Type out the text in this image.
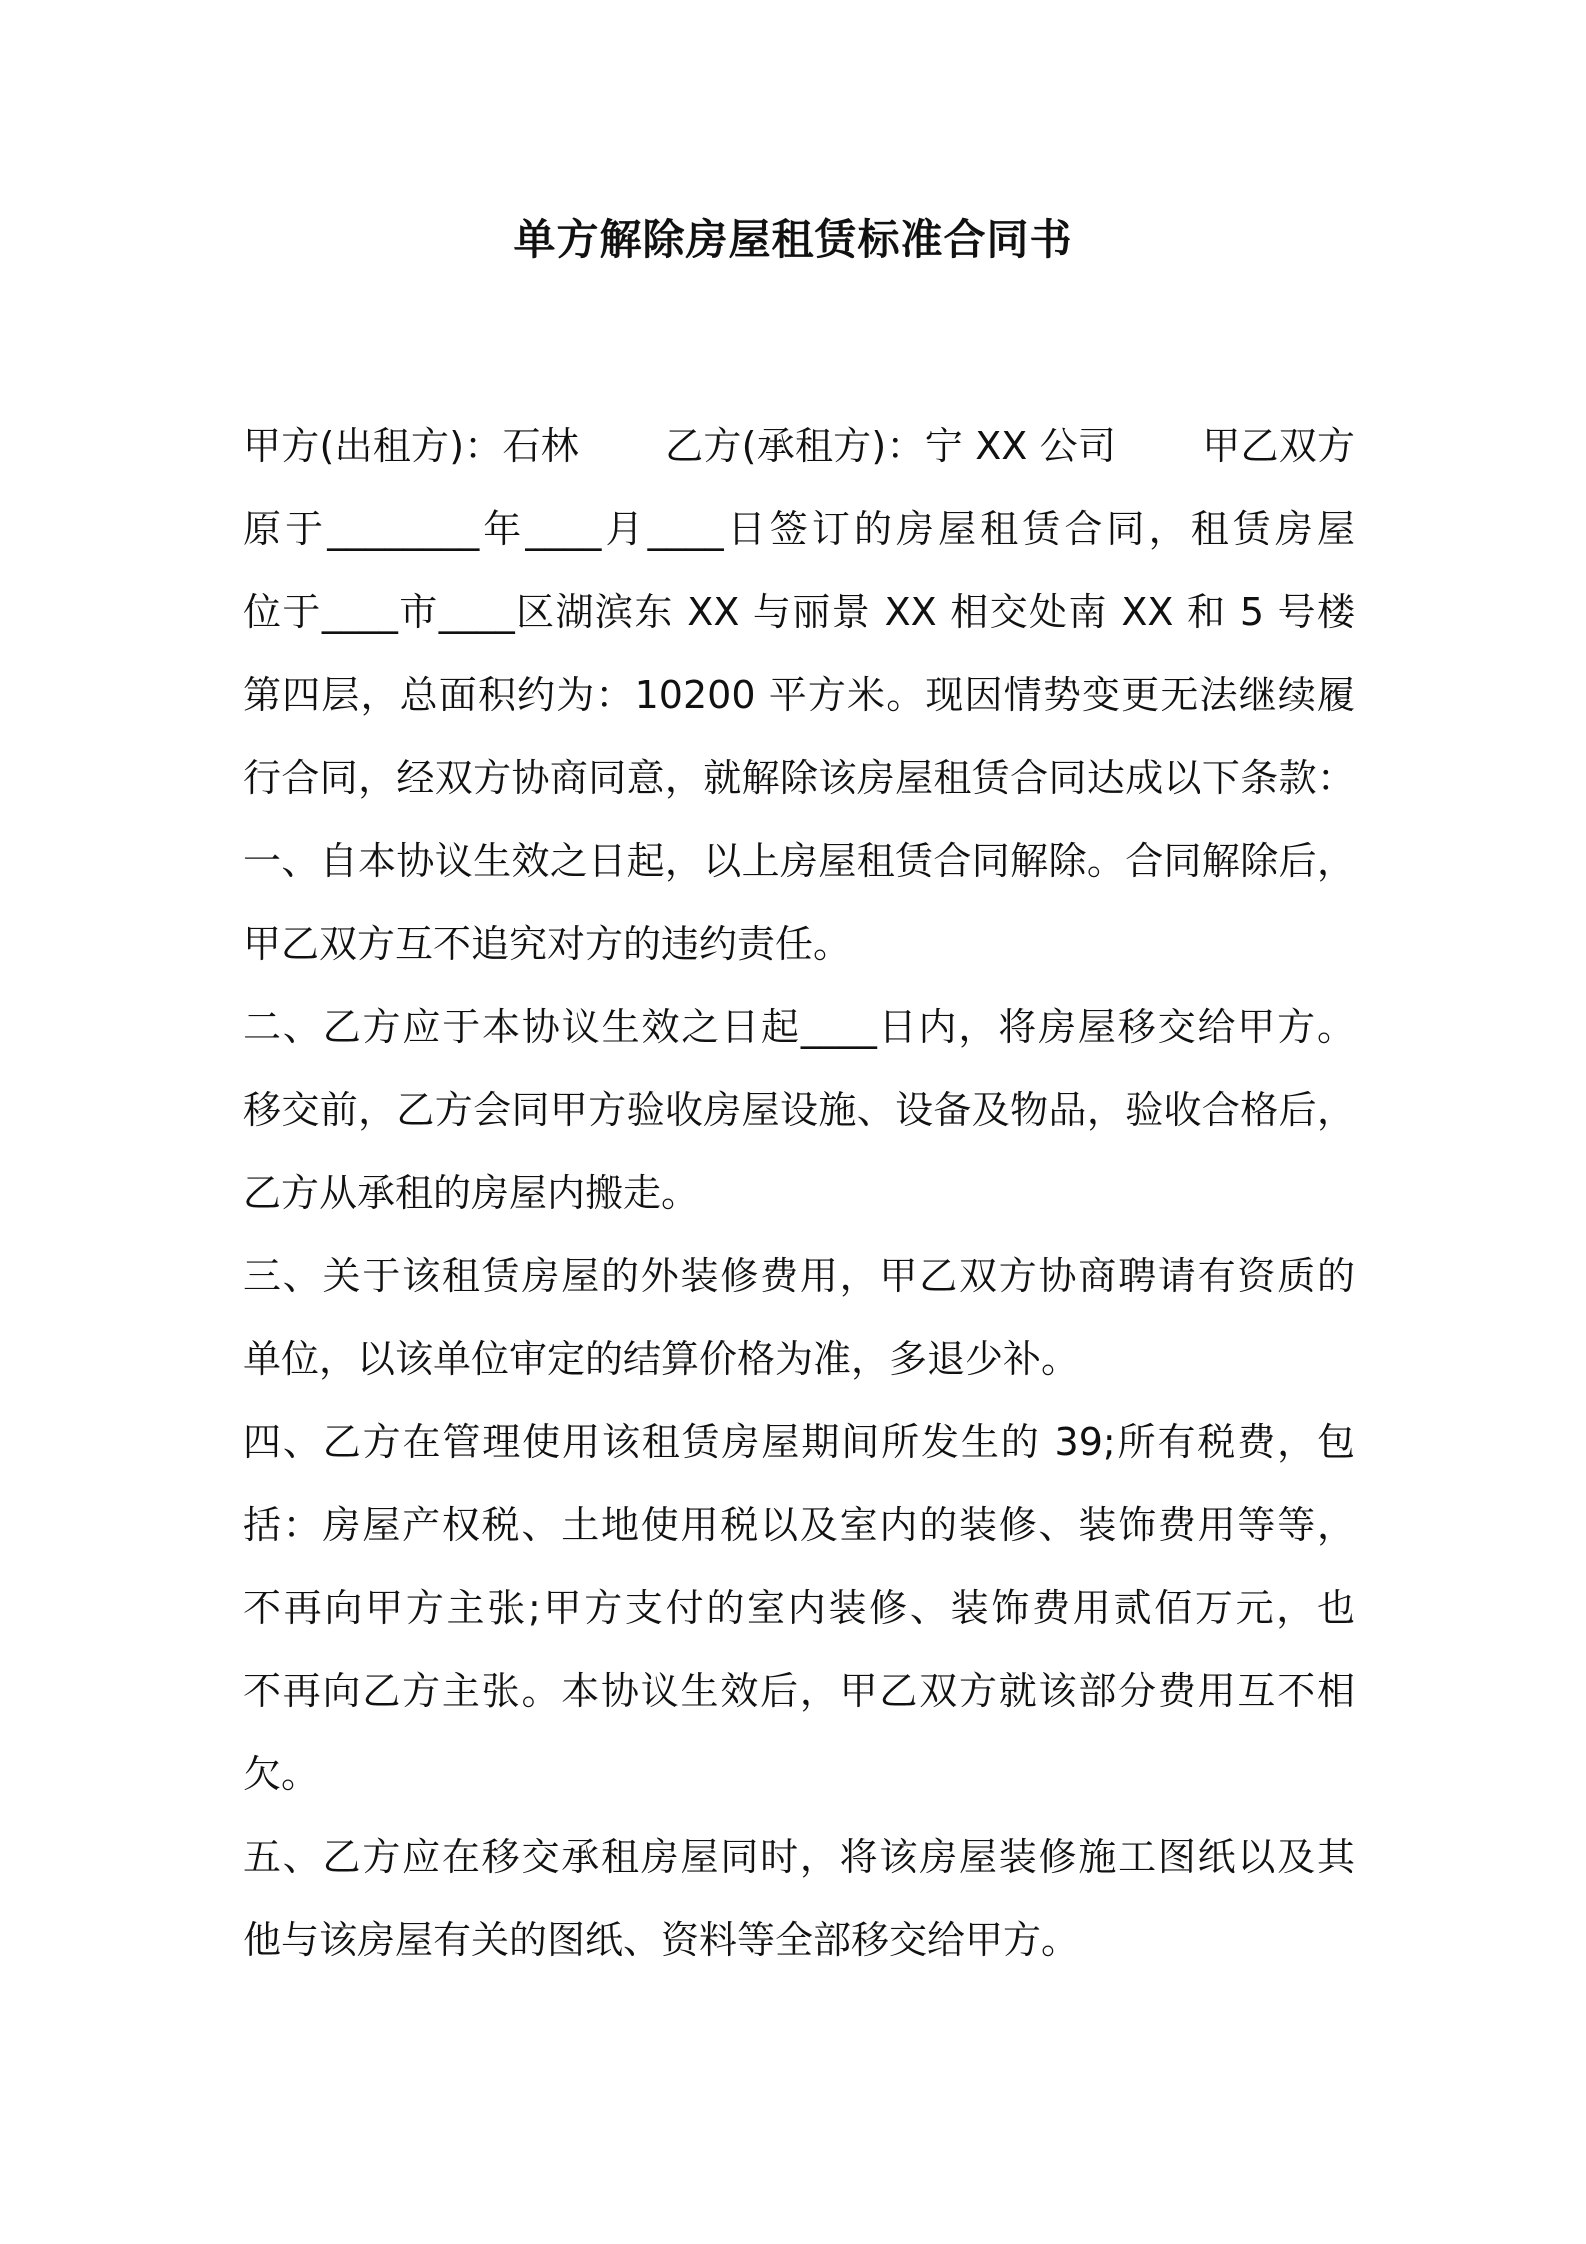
单方解除房屋租赁标准合同书
甲方(出租方)：石林       乙方(承租方)：宁 XX 公司       甲乙双方
原于________年____月____日签订的房屋租赁合同，租赁房屋
位于____市____区湖滨东 XX 与丽景 XX 相交处南 XX 和 5 号楼
第四层，总面积约为：10200 平方米。现因情势变更无法继续履
行合同，经双方协商同意，就解除该房屋租赁合同达成以下条款：
一、自本协议生效之日起，以上房屋租赁合同解除。合同解除后，
甲乙双方互不追究对方的违约责任。
二、乙方应于本协议生效之日起____日内，将房屋移交给甲方。
移交前，乙方会同甲方验收房屋设施、设备及物品，验收合格后，
乙方从承租的房屋内搬走。
三、关于该租赁房屋的外装修费用，甲乙双方协商聘请有资质的
单位，以该单位审定的结算价格为准，多退少补。
四、乙方在管理使用该租赁房屋期间所发生的 39;所有税费，包
括：房屋产权税、土地使用税以及室内的装修、装饰费用等等，
不再向甲方主张;甲方支付的室内装修、装饰费用贰佰万元，也
不再向乙方主张。本协议生效后，甲乙双方就该部分费用互不相
欠。
五、乙方应在移交承租房屋同时，将该房屋装修施工图纸以及其
他与该房屋有关的图纸、资料等全部移交给甲方。
